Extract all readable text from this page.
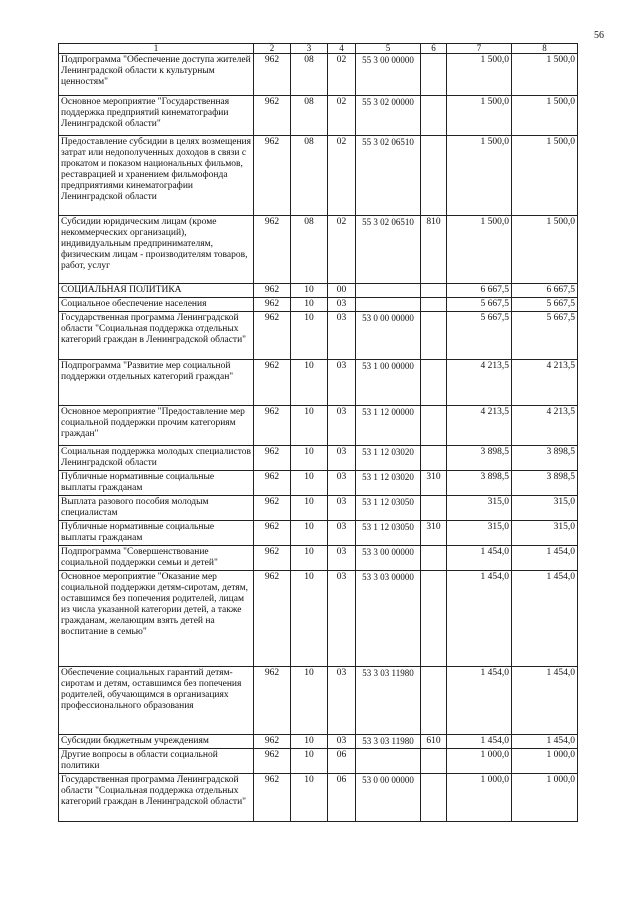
56
1	2	3	4	5	6	7	8
Подпрограмма "Обеспечение доступа жителей Ленинградской области к культурным ценностям"	962	08	02	55 3 00 00000		1 500,0	1 500,0
Основное мероприятие "Государственная поддержка предприятий кинематографии Ленинградской области"	962	08	02	55 3 02 00000		1 500,0	1 500,0
Предоставление субсидии в целях возмещения затрат или недополученных доходов в связи с прокатом и показом национальных фильмов, реставрацией и хранением фильмофонда предприятиями кинематографии Ленинградской области	962	08	02	55 3 02 06510		1 500,0	1 500,0
Субсидии юридическим лицам (кроме некоммерческих организаций), индивидуальным предпринимателям, физическим лицам - производителям товаров, работ, услуг	962	08	02	55 3 02 06510	810	1 500,0	1 500,0
СОЦИАЛЬНАЯ ПОЛИТИКА	962	10	00			6 667,5	6 667,5
Социальное обеспечение населения	962	10	03			5 667,5	5 667,5
Государственная программа Ленинградской области "Социальная поддержка отдельных категорий граждан в Ленинградской области"	962	10	03	53 0 00 00000		5 667,5	5 667,5
Подпрограмма "Развитие мер социальной поддержки отдельных категорий граждан"	962	10	03	53 1 00 00000		4 213,5	4 213,5
Основное мероприятие "Предоставление мер социальной поддержки прочим категориям граждан"	962	10	03	53 1 12 00000		4 213,5	4 213,5
Социальная поддержка молодых специалистов Ленинградской области	962	10	03	53 1 12 03020		3 898,5	3 898,5
Публичные нормативные социальные выплаты гражданам	962	10	03	53 1 12 03020	310	3 898,5	3 898,5
Выплата разового пособия молодым специалистам	962	10	03	53 1 12 03050		315,0	315,0
Публичные нормативные социальные выплаты гражданам	962	10	03	53 1 12 03050	310	315,0	315,0
Подпрограмма "Совершенствование социальной поддержки семьи и детей"	962	10	03	53 3 00 00000		1 454,0	1 454,0
Основное мероприятие "Оказание мер социальной поддержки детям-сиротам, детям, оставшимся без попечения родителей, лицам из числа указанной категории детей, а также гражданам, желающим взять детей на воспитание в семью"	962	10	03	53 3 03 00000		1 454,0	1 454,0
Обеспечение социальных гарантий детям-сиротам и детям, оставшимся без попечения родителей, обучающимся в организациях профессионального образования	962	10	03	53 3 03 11980		1 454,0	1 454,0
Субсидии бюджетным учреждениям	962	10	03	53 3 03 11980	610	1 454,0	1 454,0
Другие вопросы в области социальной политики	962	10	06			1 000,0	1 000,0
Государственная программа Ленинградской области "Социальная поддержка отдельных категорий граждан в Ленинградской области"	962	10	06	53 0 00 00000		1 000,0	1 000,0
